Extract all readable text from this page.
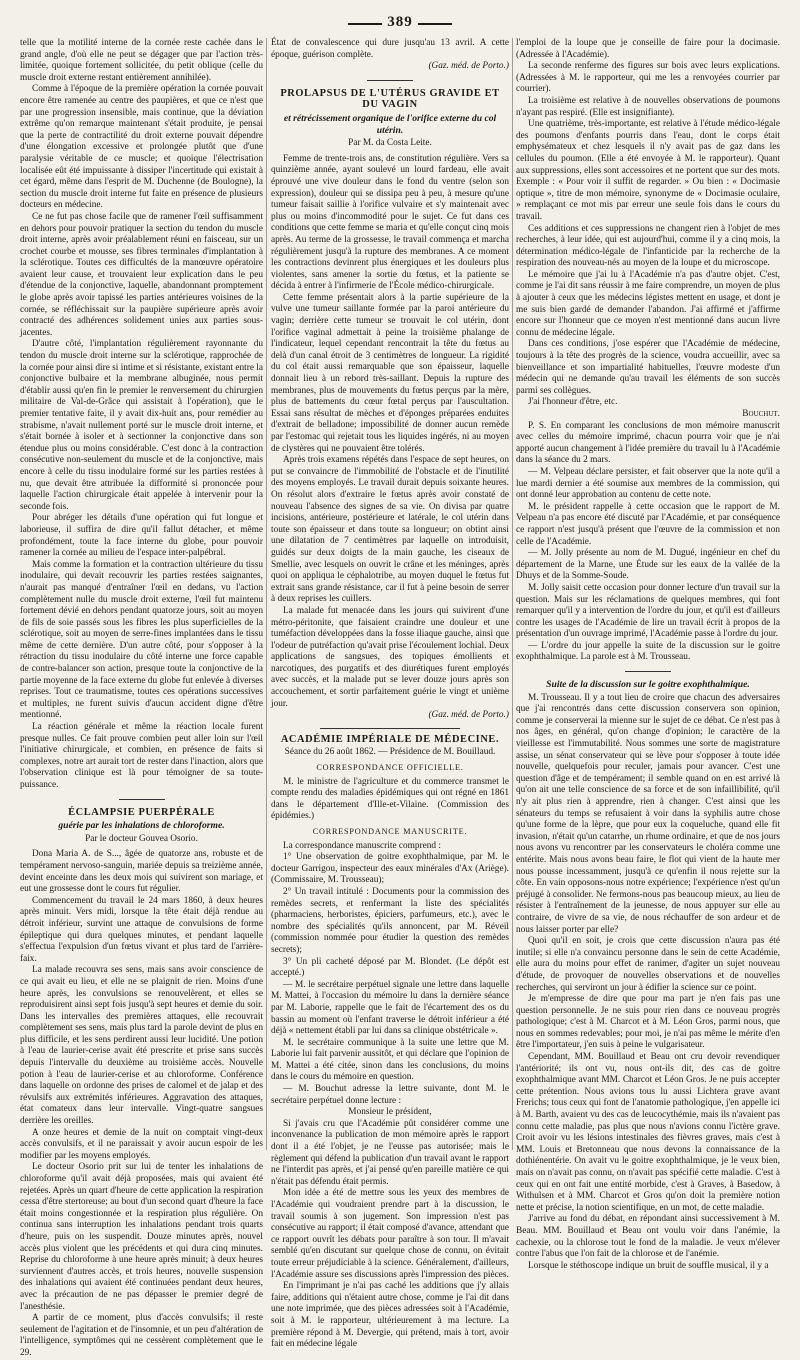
389

telle que la motilité interne de la cornée reste cachée dans le grand angle, d'où elle ne peut se dégager que par l'action très-limitée, quoique fortement sollicitée, du petit oblique (celle du muscle droit externe restant entièrement annihilée).

Comme à l'époque de la première opération la cornée pouvait encore être ramenée au centre des paupières, et que ce n'est que par une progression insensible, mais continue, que la déviation extrême qu'on remarque maintenant s'était produite, je pensai que la perte de contractilité du droit externe pouvait dépendre d'une élongation excessive et prolongée plutôt que d'une paralysie véritable de ce muscle; et quoique l'électrisation localisée eût été impuissante à dissiper l'incertitude qui existait à cet égard, même dans l'esprit de M. Duchenne (de Boulogne), la section du muscle droit interne fut faite en présence de plusieurs docteurs en médecine.

Ce ne fut pas chose facile que de ramener l'œil suffisamment en dehors pour pouvoir pratiquer la section du tendon du muscle droit interne, après avoir préalablement réuni en faisceau, sur un crochet courbe et mousse, ses fibres terminales d'implantation à la sclérotique. Toutes ces difficultés de la manœuvre opératoire avaient leur cause, et trouvaient leur explication dans le peu d'étendue de la conjonctive, laquelle, abandonnant promptement le globe après avoir tapissé les parties antérieures voisines de la cornée, se réfléchissait sur la paupière supérieure après avoir contracté des adhérences solidement unies aux parties sous-jacentes.

D'autre côté, l'implantation régulièrement rayonnante du tendon du muscle droit interne sur la sclérotique, rapprochée de la cornée pour ainsi dire si intime et si résistante, existant entre la conjonctive bulbaire et la membrane albuginée, nous permit d'établir aussi qu'en fin le premier le renversement du chirurgien militaire de Val-de-Grâce qui assistait à l'opération), que le premier tentative faite, il y avait dix-huit ans, pour remédier au strabisme, n'avait nullement porté sur le muscle droit interne, et s'était bornée à isoler et à sectionner la conjonctive dans son étendue plus ou moins considérable. C'est donc à la contraction consécutive non-seulement du muscle et de la conjonctive, mais encore à celle du tissu inodulaire formé sur les parties restées à nu, que devait être attribuée la difformité si prononcée pour laquelle l'action chirurgicale était appelée à intervenir pour la seconde fois.

Pour abréger les détails d'une opération qui fut longue et laborieuse, il suffira de dire qu'il fallut détacher, et même profondément, toute la face interne du globe, pour pouvoir ramener la cornée au milieu de l'espace inter-palpébral.

Mais comme la formation et la contraction ultérieure du tissu inodulaire, qui devait recouvrir les parties restées saignantes, n'aurait pas manqué d'entraîner l'œil en dedans, vu l'action complètement nulle du muscle droit externe, l'œil fut maintenu fortement dévié en dehors pendant quatorze jours, soit au moyen de fils de soie passés sous les fibres les plus superficielles de la sclérotique, soit au moyen de serre-fines implantées dans le tissu même de cette dernière. D'un autre côté, pour s'opposer à la rétraction du tissu inodulaire du côté interne une force capable de contre-balancer son action, presque toute la conjonctive de la partie moyenne de la face externe du globe fut enlevée à diverses reprises. Tout ce traumatisme, toutes ces opérations successives et multiples, ne furent suivis d'aucun accident digne d'être mentionné.

La réaction générale et même la réaction locale furent presque nulles. Ce fait prouve combien peut aller loin sur l'œil l'initiative chirurgicale, et combien, en présence de faits si complexes, notre art aurait tort de rester dans l'inaction, alors que l'observation clinique est là pour témoigner de sa toute-puissance.

ÉCLAMPSIE PUERPÉRALE
guérie par les inhalations de chloroforme.
Par le docteur Gouvea Osorio.

Dona Maria A. de S..., âgée de quatorze ans, robuste et de tempérament nervoso-sanguin, mariée depuis sa treizième année, devint enceinte dans les deux mois qui suivirent son mariage, et eut une grossesse dont le cours fut régulier.

Commencement du travail le 24 mars 1860, à deux heures après minuit. Vers midi, lorsque la tête était déjà rendue au détroit inférieur, survint une attaque de convulsions de forme épileptique qui dura quelques minutes, et pendant laquelle s'effectua l'expulsion d'un fœtus vivant et plus tard de l'arrière-faix.

La malade recouvra ses sens, mais sans avoir conscience de ce qui avait eu lieu, et elle ne se plaignit de rien. Moins d'une heure après, les convulsions se renouvelèrent, et elles se reproduisirent ainsi sept fois jusqu'à sept heures et demie du soir. Dans les intervalles des premières attaques, elle recouvrait complètement ses sens, mais plus tard la parole devint de plus en plus difficile, et les sens perdirent aussi leur lucidité. Une potion à l'eau de laurier-cerise avait été prescrite et prise sans succès depuis l'intervalle du deuxième au troisième accès. Nouvelle potion à l'eau de laurier-cerise et au chloroforme. Conférence dans laquelle on ordonne des prises de calomel et de jalap et des révulsifs aux extrémités inférieures. Aggravation des attaques, état comateux dans leur intervalle. Vingt-quatre sangsues derrière les oreilles.

A onze heures et demie de la nuit on comptait vingt-deux accès convulsifs, et il ne paraissait y avoir aucun espoir de les modifier par les moyens employés.

Le docteur Osorio prit sur lui de tenter les inhalations de chloroforme qu'il avait déjà proposées, mais qui avaient été rejetées. Après un quart d'heure de cette application la respiration cessa d'être stertoreuse; au bout d'un second quart d'heure la face était moins congestionnée et la respiration plus régulière. On continua sans interruption les inhalations pendant trois quarts d'heure, puis on les suspendit. Douze minutes après, nouvel accès plus violent que les précédents et qui dura cinq minutes. Reprise du chloroforme à une heure après minuit; à deux heures surviennent d'autres accès, et trois heures, nouvelle suspension des inhalations qui avaient été continuées pendant deux heures, avec la précaution de ne pas dépasser le premier degré de l'anesthésie.

A partir de ce moment, plus d'accès convulsifs; il reste seulement de l'agitation et de l'insomnie, et un peu d'altération de l'intelligence, symptômes qui ne cessèrent complètement que le 29.

État de convalescence qui dure jusqu'au 13 avril. A cette époque, guérison complète.

(Gaz. méd. de Porto.)

PROLAPSUS DE L'UTÉRUS GRAVIDE ET DU VAGIN
et rétrécissement organique de l'orifice externe du col utérin.
Par M. da Costa Leite.

Femme de trente-trois ans, de constitution régulière. Vers sa quinzième année, ayant soulevé un lourd fardeau, elle avait éprouvé une vive douleur dans le fond du ventre (selon son expression), douleur qui se dissipa peu à peu, à mesure qu'une tumeur faisait saillie à l'orifice vulvaire et s'y maintenait avec plus ou moins d'incommodité pour le sujet. Ce fut dans ces conditions que cette femme se maria et qu'elle conçut cinq mois après. Au terme de la grossesse, le travail commença et marcha régulièrement jusqu'à la rupture des membranes. A ce moment les contractions devinrent plus énergiques et les douleurs plus violentes, sans amener la sortie du fœtus, et la patiente se décida à entrer à l'infirmerie de l'École médico-chirurgicale.

Cette femme présentait alors à la partie supérieure de la vulve une tumeur saillante formée par la paroi antérieure du vagin; derrière cette tumeur se trouvait le col utérin, dont l'orifice vaginal admettait à peine la troisième phalange de l'indicateur, lequel cependant rencontrait la tête du fœtus au delà d'un canal étroit de 3 centimètres de longueur. La rigidité du col était aussi remarquable que son épaisseur, laquelle donnait lieu à un rebord très-saillant. Depuis la rupture des membranes, plus de mouvements du fœtus perçus par la mère, plus de battements du cœur fœtal perçus par l'auscultation. Essai sans résultat de mèches et d'éponges préparées enduites d'extrait de belladone; impossibilité de donner aucun remède par l'estomac qui rejetait tous les liquides ingérés, ni au moyen de clystères qui ne pouvaient être tolérés.

Après trois examens répétés dans l'espace de sept heures, on put se convaincre de l'immobilité de l'obstacle et de l'inutilité des moyens employés. Le travail durait depuis soixante heures. On résolut alors d'extraire le fœtus après avoir constaté de nouveau l'absence des signes de sa vie. On divisa par quatre incisions, antérieure, postérieure et latérale, le col utérin dans toute son épaisseur et dans toute sa longueur; on obtint ainsi une dilatation de 7 centimètres par laquelle on introduisit, guidés sur deux doigts de la main gauche, les ciseaux de Smellie, avec lesquels on ouvrit le crâne et les méninges, après quoi on appliqua le céphalotribe, au moyen duquel le fœtus fut extrait sans grande résistance, car il fut à peine besoin de serrer à deux reprises les cuillers.

La malade fut menacée dans les jours qui suivirent d'une métro-péritonite, que faisaient craindre une douleur et une tuméfaction développées dans la fosse iliaque gauche, ainsi que l'odeur de putréfaction qu'avait prise l'écoulement lochial. Deux applications de sangsues, des topiques émollients et narcotiques, des purgatifs et des diurétiques furent employés avec succès, et la malade put se lever douze jours après son accouchement, et sortir parfaitement guérie le vingt et unième jour.

(Gaz. méd. de Porto.)

ACADÉMIE IMPÉRIALE DE MÉDECINE.

Séance du 26 août 1862. — Présidence de M. Bouillaud.

CORRESPONDANCE OFFICIELLE.

M. le ministre de l'agriculture et du commerce transmet le compte rendu des maladies épidémiques qui ont régné en 1861 dans le département d'Ille-et-Vilaine. (Commission des épidémies.)

CORRESPONDANCE MANUSCRITE.

La correspondance manuscrite comprend :

1° Une observation de goitre exophthalmique, par M. le docteur Garrigou, inspecteur des eaux minérales d'Ax (Ariège). (Commissaire, M. Trousseau);

2° Un travail intitulé : Documents pour la commission des remèdes secrets, et renfermant la liste des spécialités (pharmaciens, herboristes, épiciers, parfumeurs, etc.), avec le nombre des spécialités qu'ils annoncent, par M. Réveil (commission nommée pour étudier la question des remèdes secrets);

3° Un pli cacheté déposé par M. Blondet. (Le dépôt est accepté.)

— M. le secrétaire perpétuel signale une lettre dans laquelle M. Mattei, à l'occasion du mémoire lu dans la dernière séance par M. Laborie, rappelle que le fait de l'écartement des os du bassin au moment où l'enfant traverse le détroit inférieur a été déjà « nettement établi par lui dans sa clinique obstétricale ».

M. le secrétaire communique à la suite une lettre que M. Laborie lui fait parvenir aussitôt, et qui déclare que l'opinion de M. Mattei a été citée, sinon dans les conclusions, du moins dans le cours du mémoire en question.

— M. Bouchut adresse la lettre suivante, dont M. le secrétaire perpétuel donne lecture :

Monsieur le président,

Si j'avais cru que l'Académie pût considérer comme une inconvenance la publication de mon mémoire après le rapport dont il a été l'objet, je ne l'eusse pas autorisée; mais le règlement qui défend la publication d'un travail avant le rapport ne l'interdit pas après, et j'ai pensé qu'en pareille matière ce qui n'était pas défendu était permis.

Mon idée a été de mettre sous les yeux des membres de l'Académie qui voudraient prendre part à la discussion, le travail soumis à son jugement. Son impression n'est pas consécutive au rapport; il était composé d'avance, attendant que ce rapport ouvrît les débats pour paraître à son tour. Il m'avait semblé qu'en discutant sur quelque chose de connu, on évitait toute erreur préjudiciable à la science. Généralement, d'ailleurs, l'Académie assure ses discussions après l'impression des pièces.

En l'imprimant je n'ai pas caché les additions que j'y allais faire, additions qui n'étaient autre chose, comme je l'ai dit dans une note imprimée, que des pièces adressées soit à l'Académie, soit à M. le rapporteur, ultérieurement à ma lecture. La première répond à M. Devergie, qui prétend, mais à tort, avoir fait en médecine légale

l'emploi de la loupe que je conseille de faire pour la docimasie. (Adressée à l'Académie).

La seconde renferme des figures sur bois avec leurs explications. (Adressées à M. le rapporteur, qui me les a renvoyées courrier par courrier).

La troisième est relative à de nouvelles observations de poumons n'ayant pas respiré. (Elle est insignifiante).

Une quatrième, très-importante, est relative à l'étude médico-légale des poumons d'enfants pourris dans l'eau, dont le corps était emphysémateux et chez lesquels il n'y avait pas de gaz dans les cellules du poumon. (Elle a été envoyée à M. le rapporteur). Quant aux suppressions, elles sont accessoires et ne portent que sur des mots. Exemple : « Pour voir il suffit de regarder. » Ou bien : « Docimasie optique », titre de mon mémoire, synonyme de « Docimasie oculaire, » remplaçant ce mot mis par erreur une seule fois dans le cours du travail.

Ces additions et ces suppressions ne changent rien à l'objet de mes recherches, à leur idée, qui est aujourd'hui, comme il y a cinq mois, la détermination médico-légale de l'infanticide par la recherche de la respiration des nouveau-nés au moyen de la loupe et du microscope.

Le mémoire que j'ai lu à l'Académie n'a pas d'autre objet. C'est, comme je l'ai dit sans réussir à me faire comprendre, un moyen de plus à ajouter à ceux que les médecins légistes mettent en usage, et dont je me suis bien gardé de demander l'abandon. J'ai affirmé et j'affirme encore sur l'honneur que ce moyen n'est mentionné dans aucun livre connu de médecine légale.

Dans ces conditions, j'ose espérer que l'Académie de médecine, toujours à la tête des progrès de la science, voudra accueillir, avec sa bienveillance et son impartialité habituelles, l'œuvre modeste d'un médecin qui ne demande qu'au travail les éléments de son succès parmi ses collègues.

J'ai l'honneur d'être, etc.

Bouchut.

P. S. En comparant les conclusions de mon mémoire manuscrit avec celles du mémoire imprimé, chacun pourra voir que je n'ai apporté aucun changement à l'idée première du travail lu à l'Académie dans la séance du 2 mars.

— M. Velpeau déclare persister, et fait observer que la note qu'il a lue mardi dernier a été soumise aux membres de la commission, qui ont donné leur approbation au contenu de cette note.

M. le président rappelle à cette occasion que le rapport de M. Velpeau n'a pas encore été discuté par l'Académie, et par conséquence ce rapport n'est jusqu'à présent que l'œuvre de la commission et non celle de l'Académie.

— M. Jolly présente au nom de M. Dugué, ingénieur en chef du département de la Marne, une Étude sur les eaux de la vallée de la Dhuys et de la Somme-Soude.

M. Jolly saisit cette occasion pour donner lecture d'un travail sur la question. Mais sur les réclamations de quelques membres, qui font remarquer qu'il y a intervention de l'ordre du jour, et qu'il est d'ailleurs contre les usages de l'Académie de lire un travail écrit à propos de la présentation d'un ouvrage imprimé, l'Académie passe à l'ordre du jour.

— L'ordre du jour appelle la suite de la discussion sur le goitre exophthalmique. La parole est à M. Trousseau.

Suite de la discussion sur le goitre exophthalmique.

M. Trousseau. Il y a tout lieu de croire que chacun des adversaires que j'ai rencontrés dans cette discussion conservera son opinion, comme je conserverai la mienne sur le sujet de ce débat. Ce n'est pas à nos âges, en général, qu'on change d'opinion; le caractère de la vieillesse est l'immutabilité. Nous sommes une sorte de magistrature assise, un sénat conservateur qui se lève pour s'opposer à toute idée nouvelle, quelquefois pour reculer, jamais pour avancer. C'est une question d'âge et de tempérament; il semble quand on en est arrivé là qu'on ait une telle conscience de sa force et de son infaillibilité, qu'il n'y ait plus rien à apprendre, rien à changer. C'est ainsi que les sénateurs du temps se refusaient à voir dans la syphilis autre chose qu'une forme de la lèpre, que pour eux la coqueluche, quand elle fit invasion, n'était qu'un catarrhe, un rhume ordinaire, et que de nos jours nous avons vu rencontrer par les conservateurs le choléra comme une entérite. Mais nous avons beau faire, le flot qui vient de la haute mer nous pousse incessamment, jusqu'à ce qu'enfin il nous rejette sur la côte. En vain opposons-nous notre expérience; l'expérience n'est qu'un préjugé à consolider. Ne fermons-nous pas beaucoup mieux, au lieu de résister à l'entraînement de la jeunesse, de nous appuyer sur elle au contraire, de vivre de sa vie, de nous réchauffer de son ardeur et de nous laisser porter par elle?

Quoi qu'il en soit, je crois que cette discussion n'aura pas été inutile; si elle n'a convaincu personne dans le sein de cette Académie, elle aura du moins pour effet de ranimer, d'agiter un sujet nouveau d'étude, de provoquer de nouvelles observations et de nouvelles recherches, qui serviront un jour à édifier la science sur ce point.

Je m'empresse de dire que pour ma part je n'en fais pas une question personnelle. Je ne suis pour rien dans ce nouveau progrès pathologique; c'est à M. Charcot et à M. Léon Gros, parmi nous, que nous en sommes redevables; pour moi, je n'ai pas même le mérite d'en être l'importateur, j'en suis à peine le vulgarisateur.

Cependant, MM. Bouillaud et Beau ont cru devoir revendiquer l'antériorité; ils ont vu, nous ont-ils dit, des cas de goitre exophthalmique avant MM. Charcot et Léon Gros. Je ne puis accepter cette prétention. Nous avions tous lu aussi Lichtera grave avant Frerichs; tous ceux qui font de l'anatomie pathologique, j'en appelle ici à M. Barth, avaient vu des cas de leucocythémie, mais ils n'avaient pas connu cette maladie, pas plus que nous n'avions connu l'ictère grave. Croit avoir vu les lésions intestinales des fièvres graves, mais c'est à MM. Louis et Bretonneau que nous devons la connaissance de la dothiénentérie. On avait vu le goitre exophthalmique, je le veux bien, mais on n'avait pas connu, on n'avait pas spécifié cette maladie. C'est à ceux qui en ont fait une entité morbide, c'est à Graves, à Basedow, à Withulsen et à MM. Charcot et Gros qu'on doit la première notion nette et précise, la notion scientifique, en un mot, de cette maladie.

J'arrive au fond du débat, en répondant ainsi successivement à M. Beau. MM. Bouillaud et Beau ont voulu voir dans l'anémie, la cachexie, ou la chlorose tout le fond de la maladie. Je veux m'élever contre l'abus que l'on fait de la chlorose et de l'anémie.

Lorsque le stéthoscope indique un bruit de souffle musical, il y a
